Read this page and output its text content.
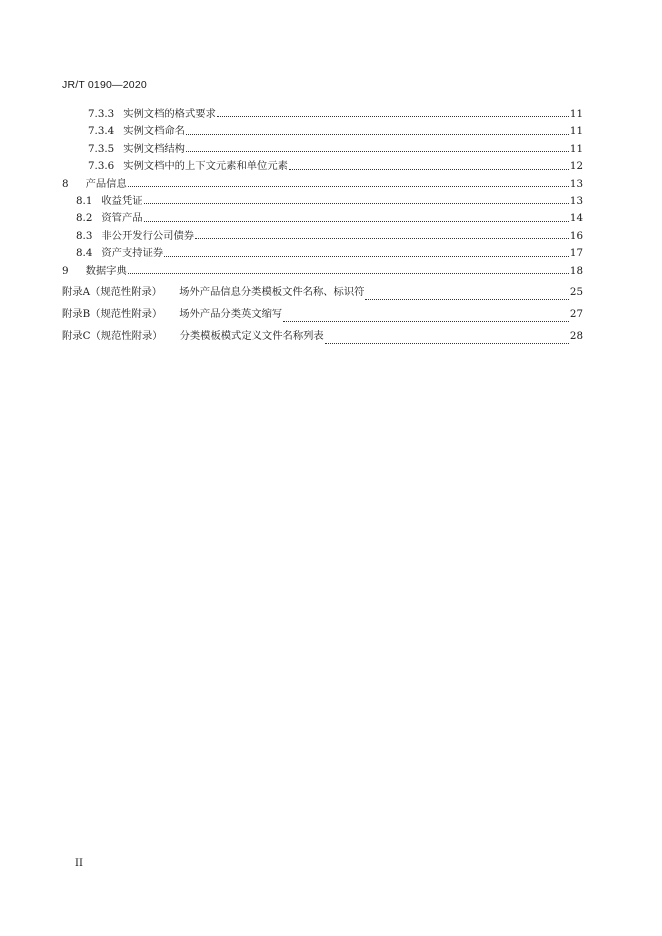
JR/T 0190—2020
7.3.3 实例文档的格式要求	11
7.3.4 实例文档命名	11
7.3.5 实例文档结构	11
7.3.6 实例文档中的上下文元素和单位元素	12
8 产品信息	13
8.1 收益凭证	13
8.2 资管产品	14
8.3 非公开发行公司债券	16
8.4 资产支持证券	17
9 数据字典	18
附录A（规范性附录） 场外产品信息分类模板文件名称、标识符	25
附录B（规范性附录） 场外产品分类英文缩写	27
附录C（规范性附录） 分类模板模式定义文件名称列表	28
II
